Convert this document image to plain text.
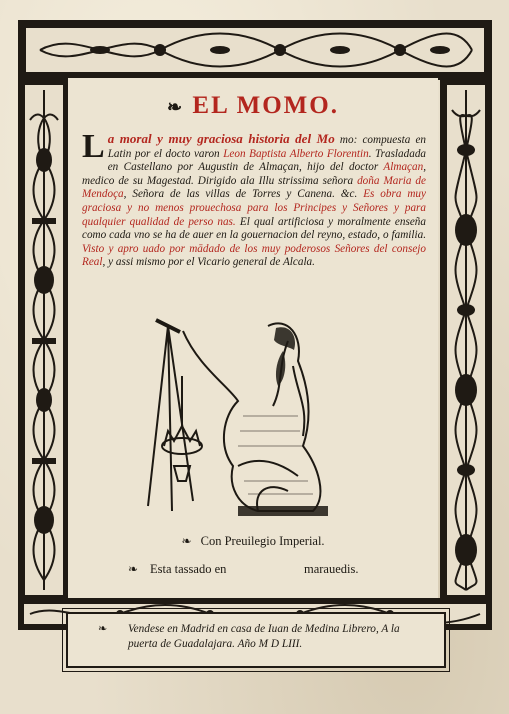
❧ EL MOMO.
L a moral y muy graciosa historia del Mo mo: compuesta en Latin por el docto varon Leon Baptista Alberto Florentin. Trasladada en Castellano por Augustin de Almaçan, hijo del doctor Almaçan, medico de su Magestad. Dirigido ala Illu strissima señora doña Maria de Mendoça, Señora de las villas de Torres y Canena. &c. Es obra muy graciosa y no menos prouechosa para los Principes y Señores y para qualquier qualidad de perso nas. El qual artificiosa y moralmente enseña como cada vno se ha de auer en la gouernacion del reyno, estado, o familia. Visto y apro uado por mādado de los muy poderosos Señores del consejo Real, y assi mismo por el Vicario general de Alcala.
❧ Con Preuilegio Imperial.
❧ Esta tassado en	marauedis.
❧ Vendese en Madrid en casa de Iuan de Medina Librero, A la
puerta de Guadalajara. Año M D LIII.
